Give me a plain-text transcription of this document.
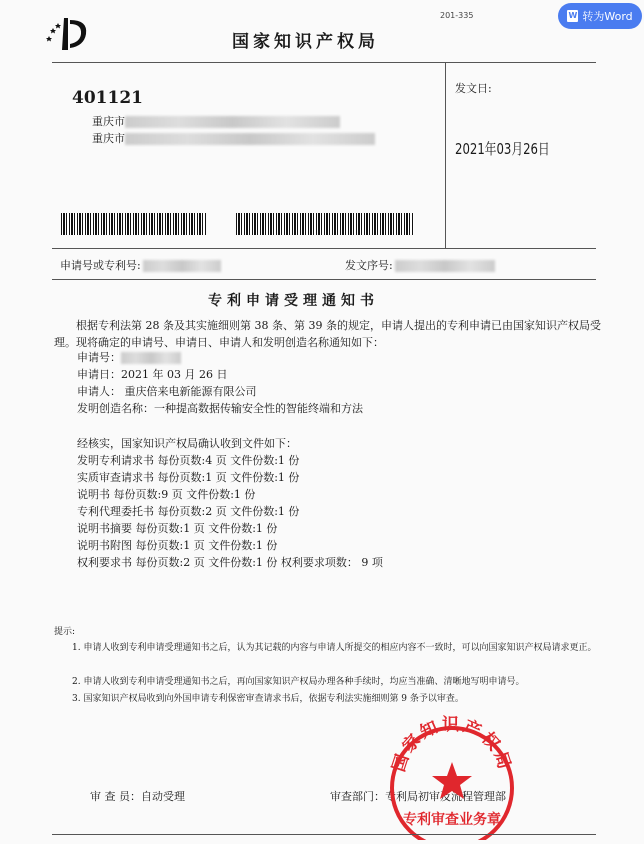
201-335
国家知识产权局
W 转为Word
401121
重庆市
重庆市
发文日:
2021年03月26日
申请号或专利号:	发文序号:
专利申请受理通知书
根据专利法第 28 条及其实施细则第 38 条、第 39 条的规定，申请人提出的专利申请已由国家知识产权局受理。现将确定的申请号、申请日、申请人和发明创造名称通知如下：
申请号：
申请日：2021 年 03 月 26 日
申请人： 重庆倍来电新能源有限公司
发明创造名称：一种提高数据传输安全性的智能终端和方法
经核实，国家知识产权局确认收到文件如下：
发明专利请求书 每份页数:4 页 文件份数:1 份
实质审查请求书 每份页数:1 页 文件份数:1 份
说明书 每份页数:9 页 文件份数:1 份
专利代理委托书 每份页数:2 页 文件份数:1 份
说明书摘要 每份页数:1 页 文件份数:1 份
说明书附图 每份页数:1 页 文件份数:1 份
权利要求书 每份页数:2 页 文件份数:1 份 权利要求项数： 9 项
提示:
1. 申请人收到专利申请受理通知书之后，认为其记载的内容与申请人所提交的相应内容不一致时，可以向国家知识产权局请求更正。
2. 申请人收到专利申请受理通知书之后，再向国家知识产权局办理各种手续时，均应当准确、清晰地写明申请号。
3. 国家知识产权局收到向外国申请专利保密审查请求书后，依据专利法实施细则第 9 条予以审查。
审 查 员：自动受理	审查部门：专利局初审及流程管理部
国家知识产权局
专利审查业务章
